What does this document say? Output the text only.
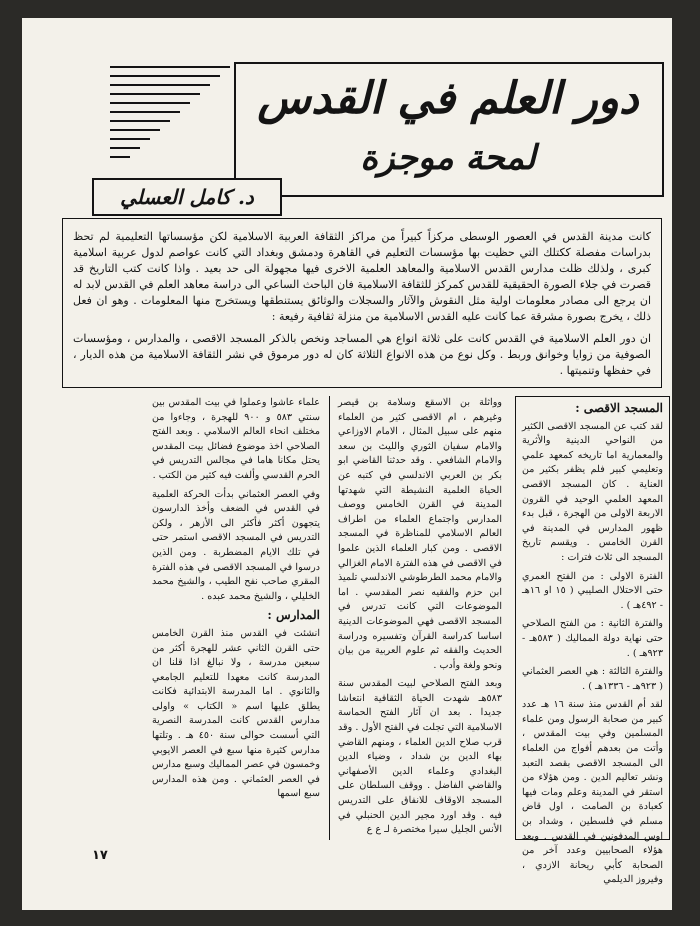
دور العلم في القدس
لمحة موجزة
د. كامل العسلي

كانت مدينة القدس في العصور الوسطى مركزاً كبيراً من مراكز الثقافة العربية الاسلامية لكن مؤسساتها التعليمية لم تحظ بدراسات مفصلة ككتلك التي حظيت بها مؤسسات التعليم في القاهرة ودمشق وبغداد التي كانت عواصم لدول عربية اسلامية كبرى ، ولذلك ظلت مدارس القدس الاسلامية والمعاهد العلمية الاخرى فيها مجهولة الى حد بعيد . واذا كانت كتب التاريخ قد قصرت في جلاء الصورة الحقيقية للقدس كمركز للثقافة الاسلامية فان الباحث الساعي الى دراسة معاهد العلم في القدس لابد له ان يرجع الى مصادر معلومات اولية مثل النقوش والآثار والسجلات والوثائق يستنطقها ويستخرج منها المعلومات . وهو ان فعل ذلك ، يخرج بصورة مشرقة عما كانت عليه القدس الاسلامية من منزلة ثقافية رفيعة :

ان دور العلم الاسلامية في القدس كانت على ثلاثة انواع هي المساجد ونخص بالذكر المسجد الاقصى ، والمدارس ، ومؤسسات الصوفية من زوايا وخوانق وربط . وكل نوع من هذه الانواع الثلاثة كان له دور مرموق في نشر الثقافة الاسلامية من هذه الديار ، في حفظها وتنميتها .

المسجد الاقصى :

لقد كتب عن المسجد الاقصى الكثير من النواحي الدينية والأثرية والمعمارية اما تاريخه كمعهد علمي وتعليمي كبير فلم يظفر بكثير من العناية . كان المسجد الاقصى المعهد العلمي الوحيد في القرون الاربعة الاولى من الهجرة ، قبل بدء ظهور المدارس في المدينة في القرن الخامس . ويقسم تاريخ المسجد الى ثلاث فترات :

الفترة الاولى : من الفتح العمري حتى الاحتلال الصليبي ( ١٥ او ١٦هـ - ٤٩٢هـ ) .

والفترة الثانية : من الفتح الصلاحي حتى نهاية دولة المماليك ( ٥٨٣هـ - ٩٢٣هـ ) .

والفترة الثالثة : هي العصر العثماني ( ٩٢٣هـ - ١٣٣٦هـ ) .

لقد أم القدس منذ سنة ١٦ هـ عدد كبير من صحابة الرسول ومن علماء المسلمين وفي بيت المقدس ، وأتت من بعدهم أفواج من العلماء الى المسجد الاقصى بقصد التعبد ونشر تعاليم الدين . ومن هؤلاء من استقر في المدينة وعلم ومات فيها كعبادة بن الصامت ، اول قاض مسلم في فلسطين ، وشداد بن اوس المدفونين في القدس . وبعد هؤلاء الصحابيين وعدد آخر من الصحابة كأبي ريحانة الازدي ، وفيروز الديلمي

وواثلة بن الاسقع وسلامة بن قيصر وغيرهم ، ام الاقصى كثير من العلماء منهم على سبيل المثال ، الامام الاوزاعي والامام سفيان الثوري والليث بن سعد والامام الشافعي . وقد حدثنا القاضي ابو بكر بن العربي الاندلسي في كتبه عن الحياة العلمية النشيطة التي شهدتها المدينة في القرن الخامس ووصف المدارس واجتماع العلماء من اطراف العالم الاسلامي للمناظرة في المسجد الاقصى . ومن كبار العلماء الذين علموا في الاقصى في هذه الفترة الامام الغزالي والامام محمد الطرطوشي الاندلسي تلميذ ابن حزم والفقيه نصر المقدسي . اما الموضوعات التي كانت تدرس في المسجد الاقصى فهي الموضوعات الدينية اساسا كدراسة القرآن وتفسيره ودراسة الحديث والفقه ثم علوم العربية من بيان ونحو ولغة وأدب .

وبعد الفتح الصلاحي لبيت المقدس سنة ٥٨٣هـ شهدت الحياة الثقافية انتعاشا جديدا . بعد ان آثار الفتح الحماسة الاسلامية التي تجلت في الفتح الأول . وقد قرب صلاح الدين العلماء ، ومنهم القاضي بهاء الدين بن شداد ، وضياء الدين البغدادي وعلماء الدين الأصفهاني والقاضي الفاضل . ووقف السلطان على المسجد الاوقاف للانفاق على التدريس فيه . وقد اورد مجير الدين الحنبلي في الأنس الجليل سيرا مختصرة لـ ع ع

علماء عاشوا وعملوا في بيت المقدس بين سنتي ٥٨٣ و ٩٠٠ للهجرة ، وجاءوا من مختلف انحاء العالم الاسلامي . وبعد الفتح الصلاحي اخذ موضوع فضائل بيت المقدس يحتل مكانا هاما في مجالس التدريس في الحرم القدسي وألفت فيه كثير من الكتب .

وفي العصر العثماني بدأت الحركة العلمية في القدس في الضعف وأخذ الدارسون يتجهون أكثر فأكثر الى الأزهر ، ولكن التدريس في المسجد الاقصى استمر حتى في تلك الايام المضطربة . ومن الذين درسوا في المسجد الاقصى في هذه الفترة المقري صاحب نفح الطيب ، والشيخ محمد الخليلي ، والشيخ محمد عبده .

المدارس :

انشئت في القدس منذ القرن الخامس حتى القرن الثاني عشر للهجرة أكثر من سبعين مدرسة ، ولا نبالغ اذا قلنا ان المدرسة كانت معهدا للتعليم الجامعي والثانوي . اما المدرسة الابتدائية فكانت يطلق عليها اسم « الكتاب » واولى مدارس القدس كانت المدرسة النصرية التي أسست حوالى سنة ٤٥٠ هـ . وتلتها مدارس كثيرة منها سبع في العصر الايوبي وخمسون في عصر المماليك وسبع مدارس في العصر العثماني . ومن هذه المدارس سبع اسمها

١٧
